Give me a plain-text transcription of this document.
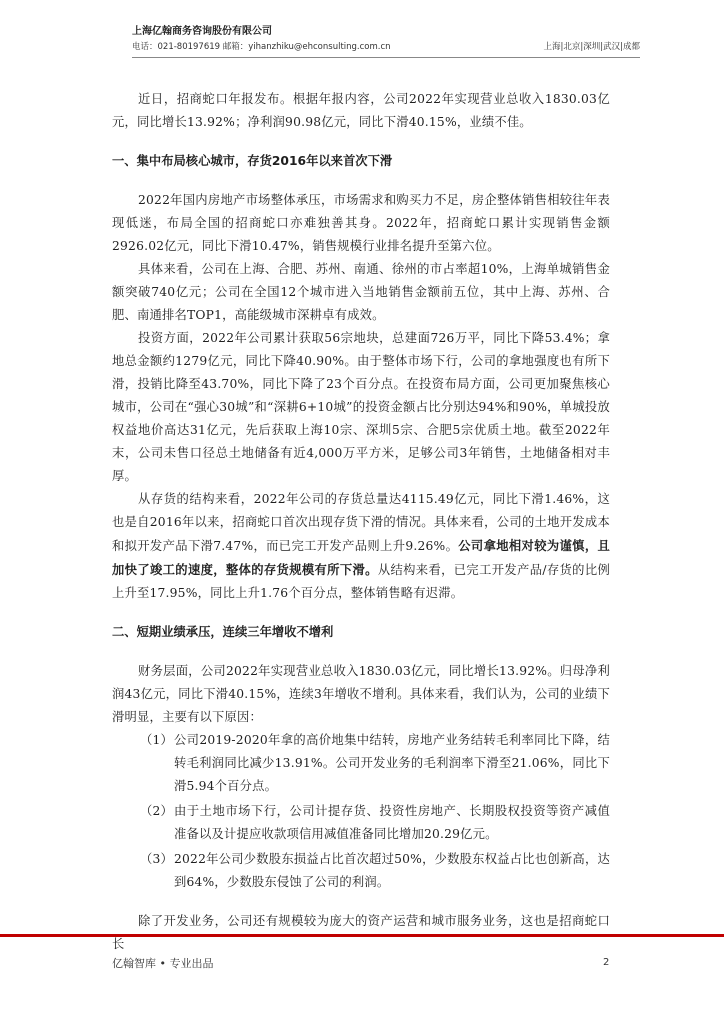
上海亿翰商务咨询股份有限公司
电话：021-80197619 邮箱：yihanzhiku@ehconsulting.com.cn	上海|北京|深圳|武汉|成都

近日，招商蛇口年报发布。根据年报内容，公司2022年实现营业总收入1830.03亿元，同比增长13.92%；净利润90.98亿元，同比下滑40.15%，业绩不佳。

一、集中布局核心城市，存货2016年以来首次下滑

2022年国内房地产市场整体承压，市场需求和购买力不足，房企整体销售相较往年表现低迷，布局全国的招商蛇口亦难独善其身。2022年，招商蛇口累计实现销售金额2926.02亿元，同比下滑10.47%，销售规模行业排名提升至第六位。

具体来看，公司在上海、合肥、苏州、南通、徐州的市占率超10%，上海单城销售金额突破740亿元；公司在全国12个城市进入当地销售金额前五位，其中上海、苏州、合肥、南通排名TOP1，高能级城市深耕卓有成效。

投资方面，2022年公司累计获取56宗地块，总建面726万平，同比下降53.4%；拿地总金额约1279亿元，同比下降40.90%。由于整体市场下行，公司的拿地强度也有所下滑，投销比降至43.70%，同比下降了23个百分点。在投资布局方面，公司更加聚焦核心城市，公司在“强心30城”和“深耕6+10城”的投资金额占比分别达94%和90%，单城投放权益地价高达31亿元，先后获取上海10宗、深圳5宗、合肥5宗优质土地。截至2022年末，公司未售口径总土地储备有近4,000万平方米，足够公司3年销售，土地储备相对丰厚。

从存货的结构来看，2022年公司的存货总量达4115.49亿元，同比下滑1.46%，这也是自2016年以来，招商蛇口首次出现存货下滑的情况。具体来看，公司的土地开发成本和拟开发产品下滑7.47%，而已完工开发产品则上升9.26%。公司拿地相对较为谨慎，且加快了竣工的速度，整体的存货规模有所下滑。从结构来看，已完工开发产品/存货的比例上升至17.95%，同比上升1.76个百分点，整体销售略有迟滞。

二、短期业绩承压，连续三年增收不增利

财务层面，公司2022年实现营业总收入1830.03亿元，同比增长13.92%。归母净利润43亿元，同比下滑40.15%，连续3年增收不增利。具体来看，我们认为，公司的业绩下滑明显，主要有以下原因：

（1） 公司2019-2020年拿的高价地集中结转，房地产业务结转毛利率同比下降，结转毛利润同比减少13.91%。公司开发业务的毛利润率下滑至21.06%，同比下滑5.94个百分点。

（2） 由于土地市场下行，公司计提存货、投资性房地产、长期股权投资等资产减值准备以及计提应收款项信用减值准备同比增加20.29亿元。

（3） 2022年公司少数股东损益占比首次超过50%，少数股东权益占比也创新高，达到64%，少数股东侵蚀了公司的利润。

除了开发业务，公司还有规模较为庞大的资产运营和城市服务业务，这也是招商蛇口长

亿翰智库 • 专业出品	2
